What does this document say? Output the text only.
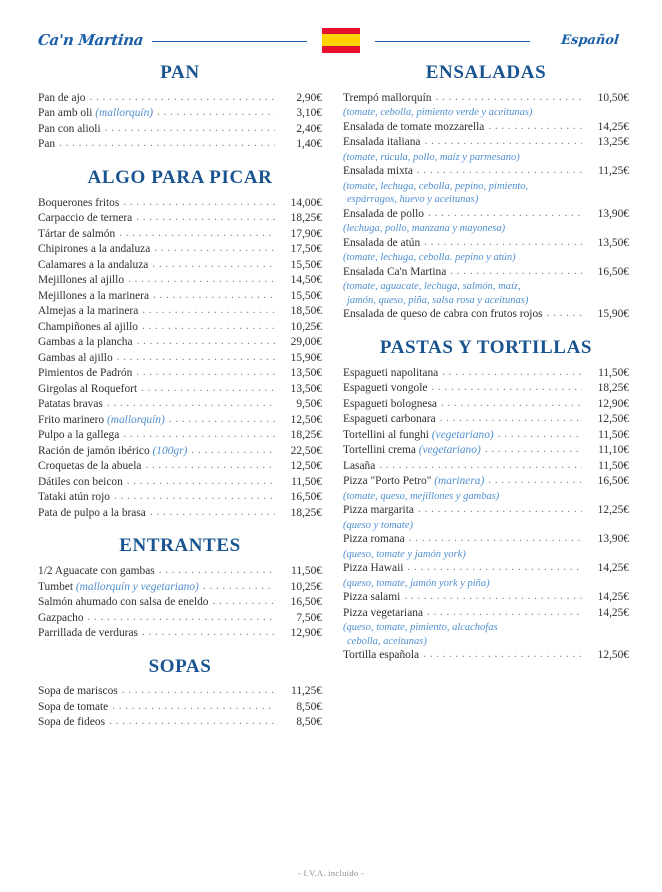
Ca'n Martina	Español
PAN
Pan de ajo . . .	2,90€
Pan amb oli (mallorquín) . . .	3,10€
Pan con alioli . . .	2,40€
Pan . . .	1,40€
ALGO PARA PICAR
Boquerones fritos . . .	14,00€
Carpaccio de ternera . . .	18,25€
Tártar de salmón . . .	17,90€
Chipirones a la andaluza . . .	17,50€
Calamares a la andaluza . . .	15,50€
Mejillones al ajillo . . .	14,50€
Mejillones a la marinera . . .	15,50€
Almejas a la marinera . . .	18,50€
Champiñones al ajillo . . .	10,25€
Gambas a la plancha . . .	29,00€
Gambas al ajillo . . .	15,90€
Pimientos de Padrón . . .	13,50€
Girgolas al Roquefort . . .	13,50€
Patatas bravas . . .	9,50€
Frito marinero (mallorquín) . . .	12,50€
Pulpo a la gallega . . .	18,25€
Ración de jamón ibérico (100gr) . . .	22,50€
Croquetas de la abuela . . .	12,50€
Dátiles con beicon . . .	11,50€
Tataki atún rojo . . .	16,50€
Pata de pulpo a la brasa . . .	18,25€
ENTRANTES
1/2 Aguacate con gambas . . .	11,50€
Tumbet (mallorquín y vegetariano) . . .	10,25€
Salmón ahumado con salsa de eneldo . . .	16,50€
Gazpacho . . .	7,50€
Parrillada de verduras . . .	12,90€
SOPAS
Sopa de mariscos . . .	11,25€
Sopa de tomate . . .	8,50€
Sopa de fideos . . .	8,50€
ENSALADAS
Trempó mallorquín . . .	10,50€
(tomate, cebolla, pimiento verde y aceitunas)
Ensalada de tomate mozzarella . . .	14,25€
Ensalada italiana . . .	13,25€
(tomate, rúcula, pollo, maíz y parmesano)
Ensalada mixta . . .	11,25€
(tomate, lechuga, cebolla, pepino, pimiento,
espárragos, huevo y aceitunas)
Ensalada de pollo . . .	13,90€
(lechuga, pollo, manzana y mayonesa)
Ensalada de atún . . .	13,50€
(tomate, lechuga, cebolla. pepino y atún)
Ensalada Ca'n Martina . . .	16,50€
(tomate, aguacate, lechuga, salmón, maíz,
jamón, queso, piña, salsa rosa y aceitunas)
Ensalada de queso de cabra con frutos rojos . . .	15,90€
PASTAS Y TORTILLAS
Espagueti napolitana . . .	11,50€
Espagueti vongole . . .	18,25€
Espagueti bolognesa . . .	12,90€
Espagueti carbonara . . .	12,50€
Tortellini al funghi (vegetariano) . . .	11,50€
Tortellini crema (vegetariano) . . .	11,10€
Lasaña . . .	11,50€
Pizza "Porto Petro" (marinera) . . .	16,50€
(tomate, queso, mejillones y gambas)
Pizza margarita . . .	12,25€
(queso y tomate)
Pizza romana . . .	13,90€
(queso, tomate y jamón york)
Pizza Hawaii . . .	14,25€
(queso, tomate, jamón york y piña)
Pizza salami . . .	14,25€
Pizza vegetariana . . .	14,25€
(queso, tomate, pimiento, alcachofas
cebolla, aceitunas)
Tortilla española . . .	12,50€
- I.V.A. incluido -
